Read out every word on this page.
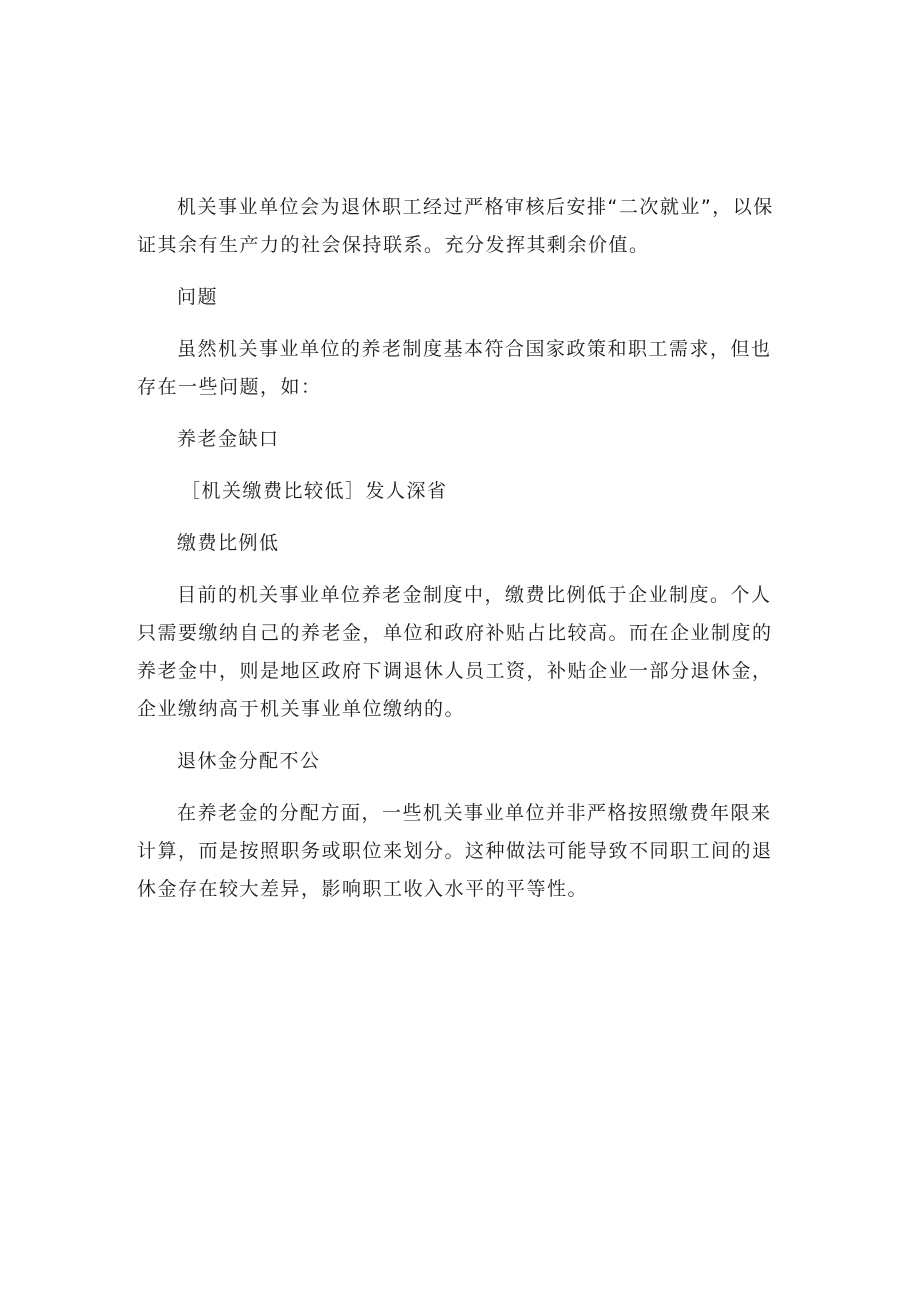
机关事业单位会为退休职工经过严格审核后安排“二次就业”，以保证其余有生产力的社会保持联系。充分发挥其剩余价值。

问题

虽然机关事业单位的养老制度基本符合国家政策和职工需求，但也存在一些问题，如：

养老金缺口

［机关缴费比较低］发人深省

缴费比例低

目前的机关事业单位养老金制度中，缴费比例低于企业制度。个人只需要缴纳自己的养老金，单位和政府补贴占比较高。而在企业制度的养老金中，则是地区政府下调退休人员工资，补贴企业一部分退休金，企业缴纳高于机关事业单位缴纳的。

退休金分配不公

在养老金的分配方面，一些机关事业单位并非严格按照缴费年限来计算，而是按照职务或职位来划分。这种做法可能导致不同职工间的退休金存在较大差异，影响职工收入水平的平等性。
